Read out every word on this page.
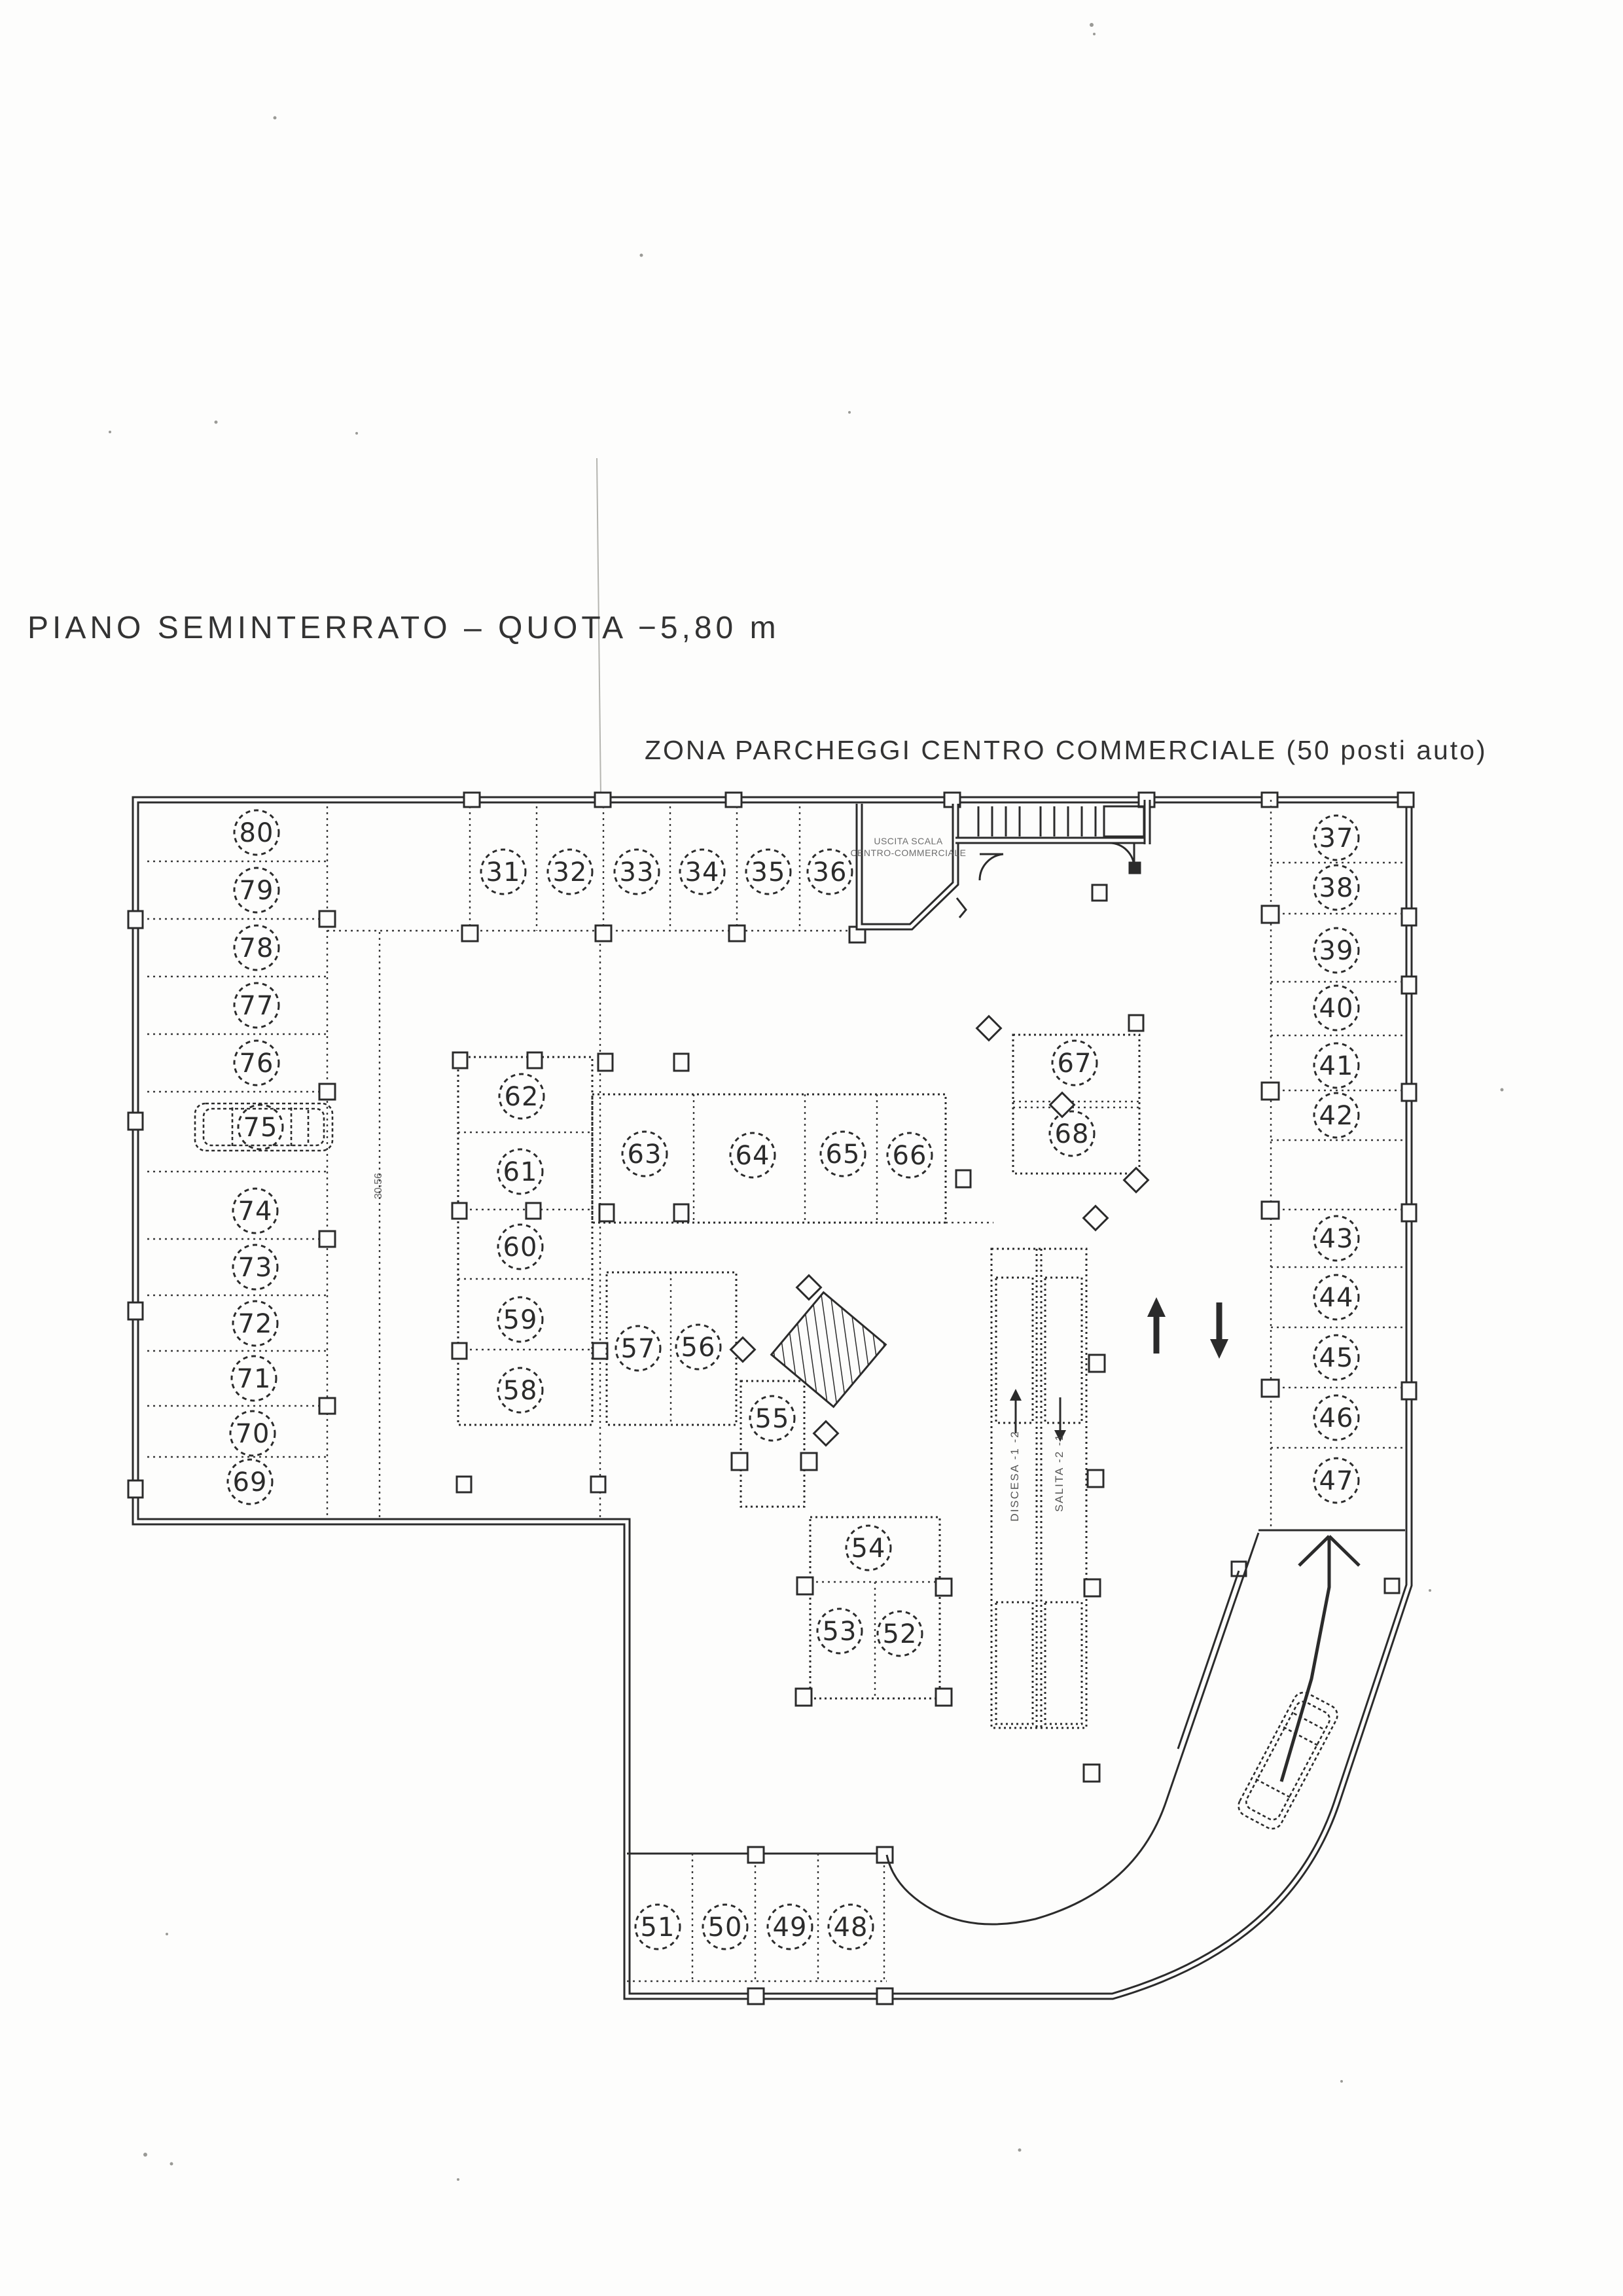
PIANO SEMINTERRATO – QUOTA −5,80 m
ZONA PARCHEGGI CENTRO COMMERCIALE (50 posti auto)
80
79
78
77
76
75
74
73
72
71
70
69
30.56
31 32 33 34 35 36
USCITA SCALA
CENTRO-COMMERCIALE	37
38
39
40
41
42
43
44
45
46
47
62
61
60
59
58
63	64 65 66
57 56
55
67
68
54
53 52
DISCESA -1 -2	SALITA -2 -1
51 50 49 48
